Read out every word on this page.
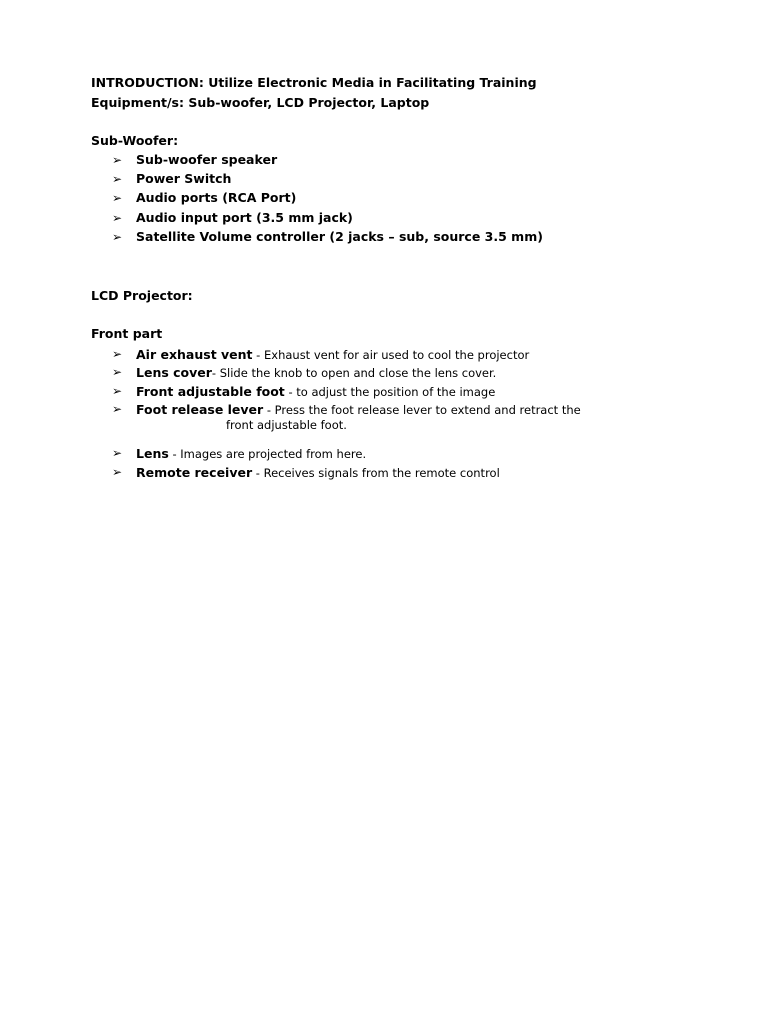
INTRODUCTION: Utilize Electronic Media in Facilitating Training
Equipment/s: Sub-woofer, LCD Projector, Laptop
Sub-Woofer:
➢ Sub-woofer speaker
➢ Power Switch
➢ Audio ports (RCA Port)
➢ Audio input port (3.5 mm jack)
➢ Satellite Volume controller (2 jacks – sub, source 3.5 mm)
LCD Projector:
Front part
➢ Air exhaust vent - Exhaust vent for air used to cool the projector
➢ Lens cover- Slide the knob to open and close the lens cover.
➢ Front adjustable foot - to adjust the position of the image
➢ Foot release lever - Press the foot release lever to extend and retract the
front adjustable foot.
➢ Lens - Images are projected from here.
➢ Remote receiver - Receives signals from the remote control
